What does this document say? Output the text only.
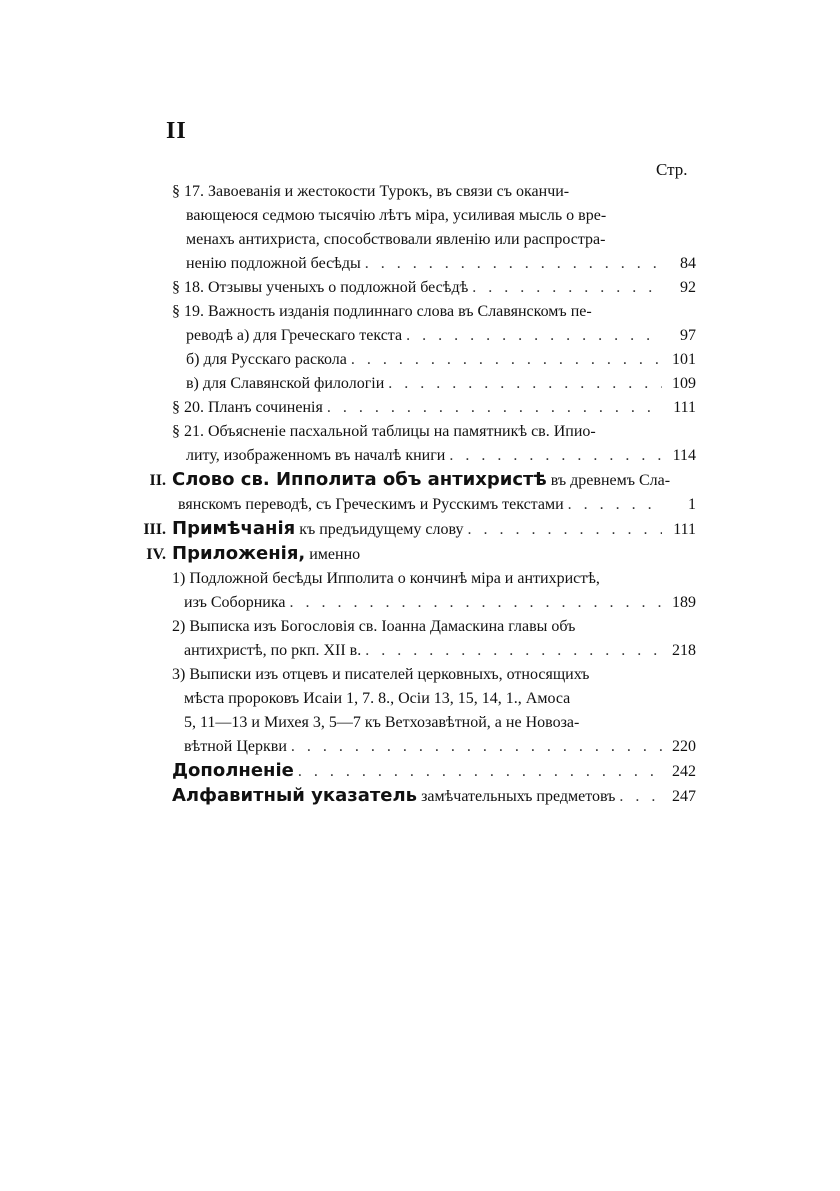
II
Стр.
§ 17. Завоеванія и жестокости Турокъ, въ связи съ оканчи-
вающеюся седмою тысячію лѣтъ міра, усиливая мысль о вре-
менахъ антихриста, способствовали явленію или распростра-
ненію подложной бесѣды . . .	84
§ 18. Отзывы ученыхъ о подложной бесѣдѣ . . .	92
§ 19. Важность изданія подлиннаго слова въ Славянскомъ пе-
реводѣ а) для Греческаго текста . . .	97
б) для Русскаго раскола . . .	101
в) для Славянской филологіи . . .	109
§ 20. Планъ сочиненія . . .	111
§ 21. Объясненіе пасхальной таблицы на памятникѣ св. Ипио-
литу, изображенномъ въ началѣ книги . . .	114
II. Слово св. Ипполита объ антихристѣ
въ древнемъ Сла-
вянскомъ переводѣ, съ Греческимъ и Русскимъ текстами . . .	1
III. Примѣчанія
къ предъидущему слову . . .	111
IV. Приложенія,
именно
1) Подложной бесѣды Ипполита о кончинѣ міра и антихристѣ,
изъ Соборника . . .	189
2) Выписка изъ Богословія св. Іоанна Дамаскина главы объ
антихристѣ, по ркп. XII в. . . .	218
3) Выписки изъ отцевъ и писателей церковныхъ, относящихъ
мѣста пророковъ Исаіи 1, 7. 8., Осіи 13, 15, 14, 1., Амоса
5, 11—13 и Михея 3, 5—7 къ Ветхозавѣтной, а не Новоза-
вѣтной Церкви . . .	220
Дополненіе . . .	242
Алфавитный указатель
замѣчательныхъ предметовъ . . .	247
